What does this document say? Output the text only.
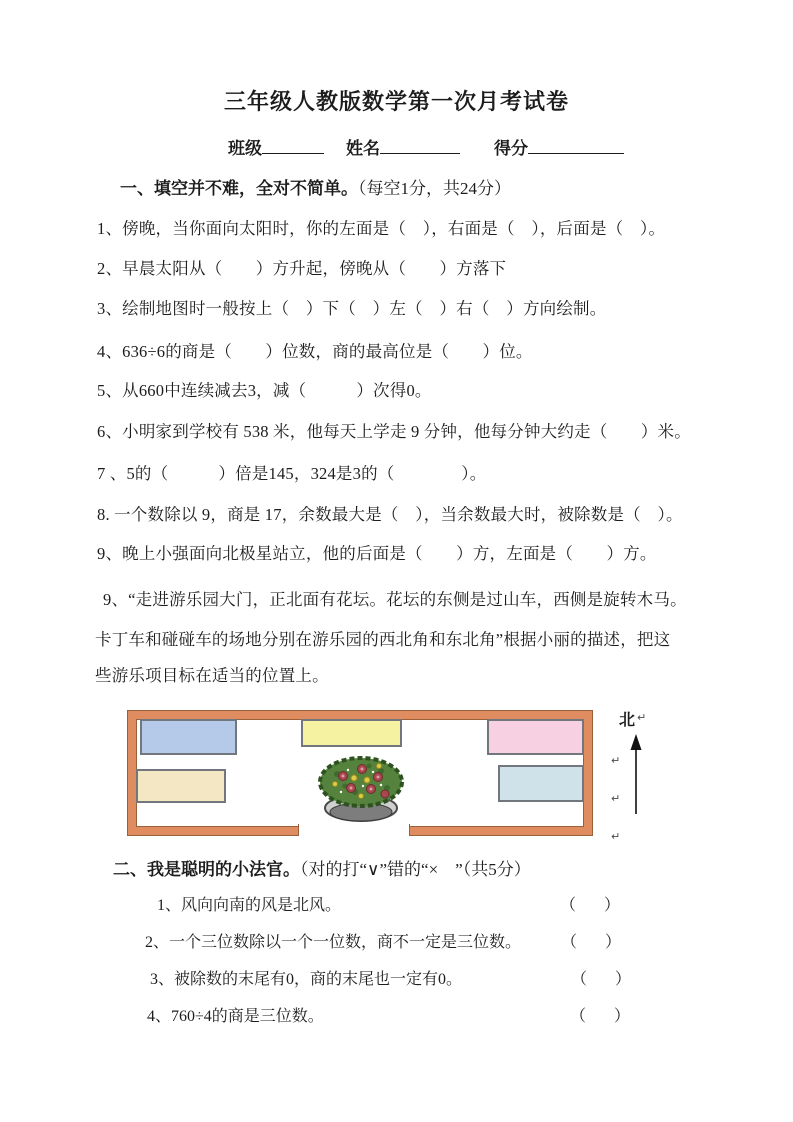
三年级人教版数学第一次月考试卷
班级	姓名	得分
一、填空并不难，全对不简单。（每空1分，共24分）
1、傍晚，当你面向太阳时，你的左面是（　），右面是（　），后面是（　）。
2、早晨太阳从（　　）方升起，傍晚从（　　）方落下
3、绘制地图时一般按上（　）下（　）左（　）右（　）方向绘制。
4、636÷6的商是（　　）位数，商的最高位是（　　）位。
5、从660中连续减去3，减（　　　）次得0。
6、小明家到学校有 538 米，他每天上学走 9 分钟，他每分钟大约走（　　）米。
7 、5的（　　　）倍是145，324是3的（　　　　）。
8. 一个数除以 9，商是 17，余数最大是（　），当余数最大时，被除数是（　）。
9、晚上小强面向北极星站立，他的后面是（　　）方，左面是（　　）方。
9、“走进游乐园大门，正北面有花坛。花坛的东侧是过山车，西侧是旋转木马。
卡丁车和碰碰车的场地分别在游乐园的西北角和东北角”根据小丽的描述，把这
些游乐项目标在适当的位置上。
北 ↵
↵
↵
↵
二、我是聪明的小法官。（对的打“∨”错的“×　”（共5分）
1、风向向南的风是北风。	（　）
2、一个三位数除以一个一位数，商不一定是三位数。 （　）
3、被除数的末尾有0，商的末尾也一定有0。	（　）
4、760÷4的商是三位数。	（　）
